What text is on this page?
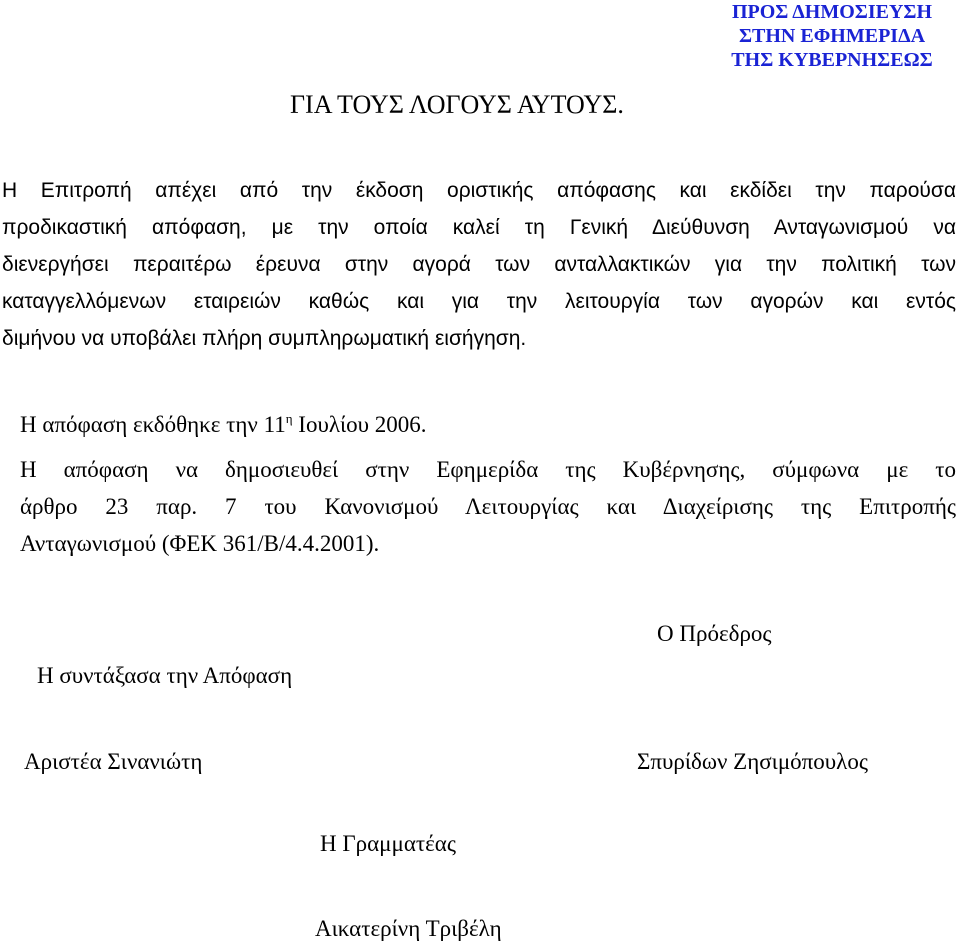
ΠΡΟΣ ΔΗΜΟΣΙΕΥΣΗ
ΣΤΗΝ ΕΦΗΜΕΡΙΔΑ
ΤΗΣ ΚΥΒΕΡΝΗΣΕΩΣ
ΓΙΑ ΤΟΥΣ ΛΟΓΟΥΣ ΑΥΤΟΥΣ.
Η Επιτροπή απέχει από την έκδοση οριστικής απόφασης και εκδίδει την παρούσα
προδικαστική απόφαση, με την οποία καλεί τη Γενική Διεύθυνση Ανταγωνισμού να
διενεργήσει περαιτέρω έρευνα στην αγορά των ανταλλακτικών για την πολιτική των
καταγγελλόμενων εταιρειών καθώς και για την λειτουργία των αγορών και εντός
διμήνου να υποβάλει πλήρη συμπληρωματική εισήγηση.
Η απόφαση εκδόθηκε την $11^\eta$ Ιουλίου 2006.
Η απόφαση να δημοσιευθεί στην Εφημερίδα της Κυβέρνησης, σύμφωνα με το
άρθρο 23 παρ. 7 του Κανονισμού Λειτουργίας και Διαχείρισης της Επιτροπής
Ανταγωνισμού (ΦΕΚ 361/Β/4.4.2001).
Ο Πρόεδρος
Η συντάξασα την Απόφαση
Αριστέα Σινανιώτη	Σπυρίδων Ζησιμόπουλος
Η Γραμματέας
Αικατερίνη Τριβέλη
